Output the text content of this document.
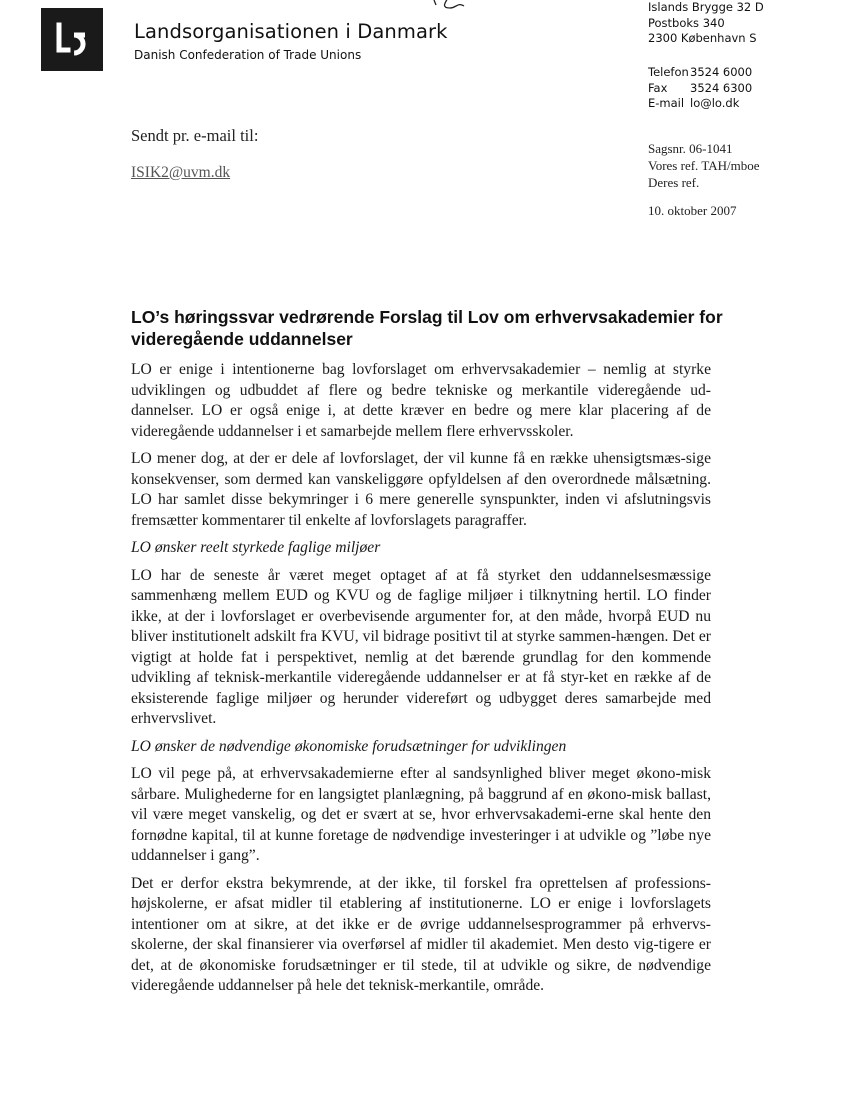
Landsorganisationen i Danmark
Danish Confederation of Trade Unions
Islands Brygge 32 D
Postboks 340
2300 København S
Telefon 3524 6000
Fax	3524 6300
E-mail lo@lo.dk
Sendt pr. e-mail til:
ISIK2@uvm.dk
Sagsnr. 06-1041
Vores ref. TAH/mboe
Deres ref.
10. oktober 2007
LO’s høringssvar vedrørende Forslag til Lov om erhvervsakademier for videregående uddannelser

LO er enige i intentionerne bag lovforslaget om erhvervsakademier – nemlig at styrke udviklingen og udbuddet af flere og bedre tekniske og merkantile videregående ud-dannelser. LO er også enige i, at dette kræver en bedre og mere klar placering af de videregående uddannelser i et samarbejde mellem flere erhvervsskoler.

LO mener dog, at der er dele af lovforslaget, der vil kunne få en række uhensigtsmæs-sige konsekvenser, som dermed kan vanskeliggøre opfyldelsen af den overordnede målsætning. LO har samlet disse bekymringer i 6 mere generelle synspunkter, inden vi afslutningsvis fremsætter kommentarer til enkelte af lovforslagets paragraffer.

LO ønsker reelt styrkede faglige miljøer

LO har de seneste år været meget optaget af at få styrket den uddannelsesmæssige sammenhæng mellem EUD og KVU og de faglige miljøer i tilknytning hertil. LO finder ikke, at der i lovforslaget er overbevisende argumenter for, at den måde, hvorpå EUD nu bliver institutionelt adskilt fra KVU, vil bidrage positivt til at styrke sammen-hængen. Det er vigtigt at holde fat i perspektivet, nemlig at det bærende grundlag for den kommende udvikling af teknisk-merkantile videregående uddannelser er at få styr-ket en række af de eksisterende faglige miljøer og herunder videreført og udbygget deres samarbejde med erhvervslivet.

LO ønsker de nødvendige økonomiske forudsætninger for udviklingen

LO vil pege på, at erhvervsakademierne efter al sandsynlighed bliver meget økono-misk sårbare. Mulighederne for en langsigtet planlægning, på baggrund af en økono-misk ballast, vil være meget vanskelig, og det er svært at se, hvor erhvervsakademi-erne skal hente den fornødne kapital, til at kunne foretage de nødvendige investeringer i at udvikle og ”løbe nye uddannelser i gang”.

Det er derfor ekstra bekymrende, at der ikke, til forskel fra oprettelsen af professions-højskolerne, er afsat midler til etablering af institutionerne. LO er enige i lovforslagets intentioner om at sikre, at det ikke er de øvrige uddannelsesprogrammer på erhvervs-skolerne, der skal finansierer via overførsel af midler til akademiet. Men desto vig-tigere er det, at de økonomiske forudsætninger er til stede, til at udvikle og sikre, de nødvendige videregående uddannelser på hele det teknisk-merkantile, område.
